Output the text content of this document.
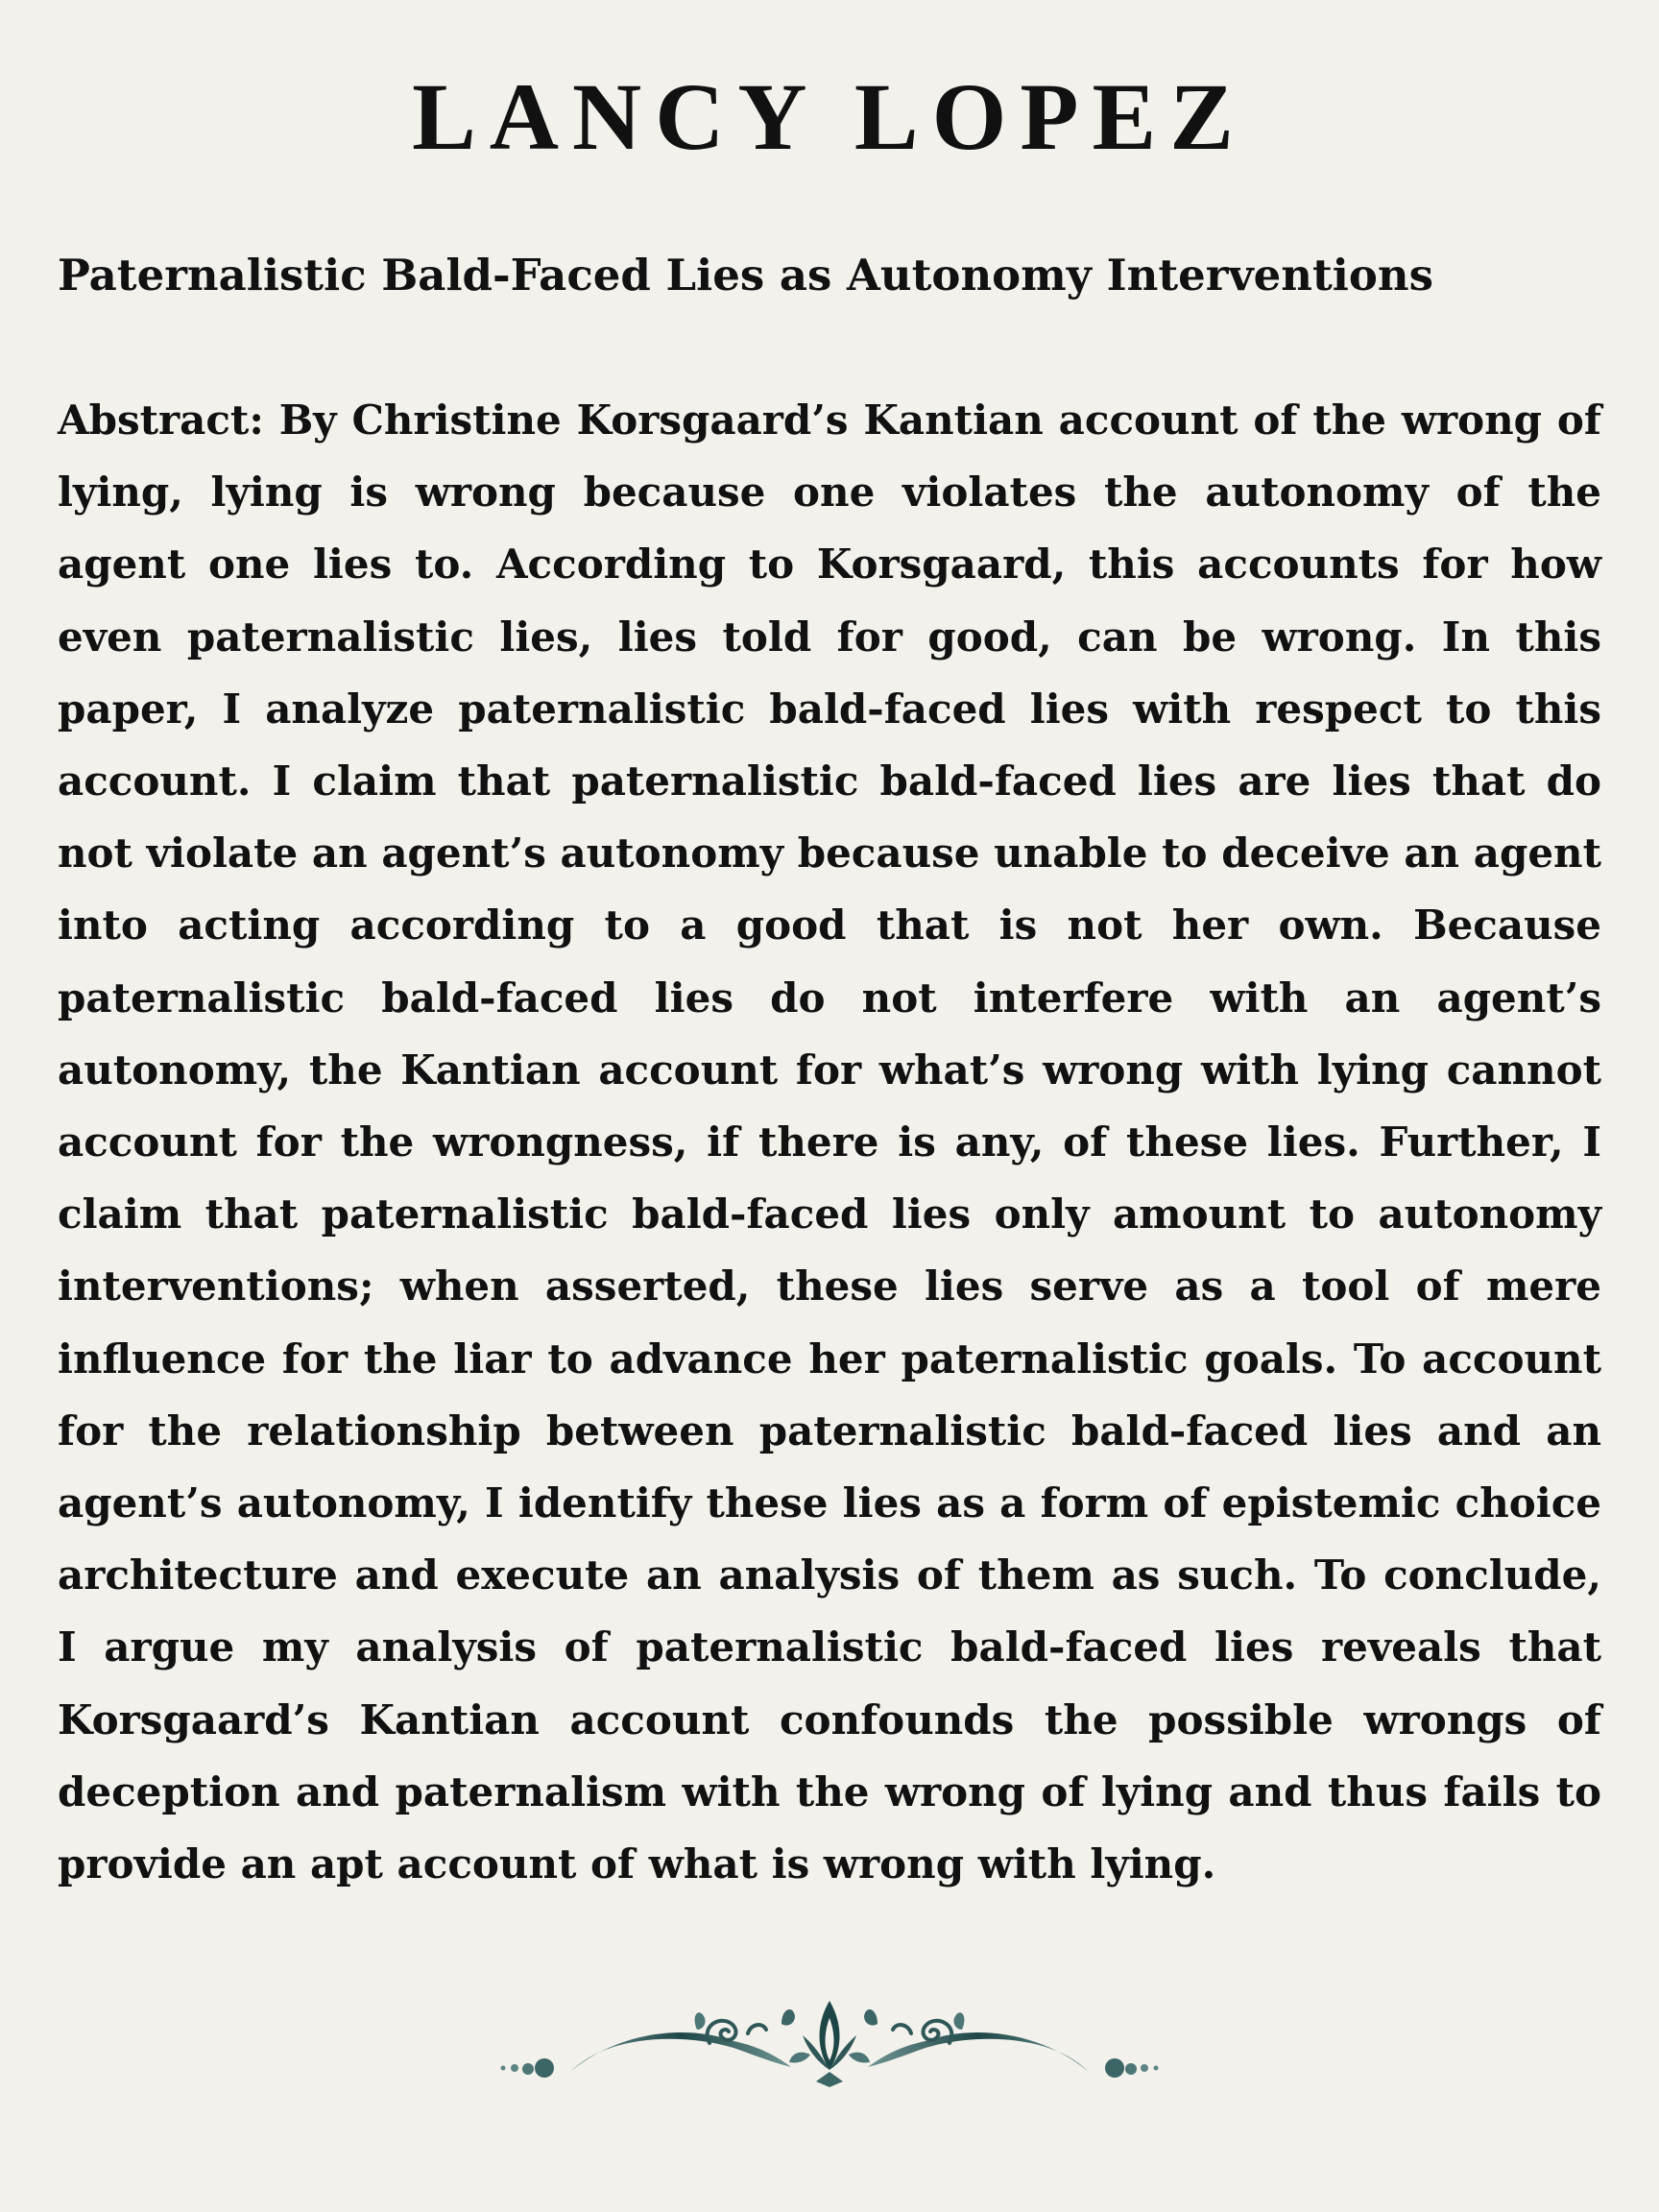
LANCY LOPEZ
Paternalistic Bald-Faced Lies as Autonomy Interventions

Abstract: By Christine Korsgaard’s Kantian account of the wrong of lying, lying is wrong because one violates the autonomy of the agent one lies to. According to Korsgaard, this accounts for how even paternalistic lies, lies told for good, can be wrong. In this paper, I analyze paternalistic bald-faced lies with respect to this account. I claim that paternalistic bald-faced lies are lies that do not violate an agent’s autonomy because unable to deceive an agent into acting according to a good that is not her own. Because paternalistic bald-faced lies do not interfere with an agent’s autonomy, the Kantian account for what’s wrong with lying cannot account for the wrongness, if there is any, of these lies. Further, I claim that paternalistic bald-faced lies only amount to autonomy interventions; when asserted, these lies serve as a tool of mere influence for the liar to advance her paternalistic goals. To account for the relationship between paternalistic bald-faced lies and an agent’s autonomy, I identify these lies as a form of epistemic choice architecture and execute an analysis of them as such. To conclude, I argue my analysis of paternalistic bald-faced lies reveals that Korsgaard’s Kantian account confounds the possible wrongs of deception and paternalism with the wrong of lying and thus fails to provide an apt account of what is wrong with lying.
